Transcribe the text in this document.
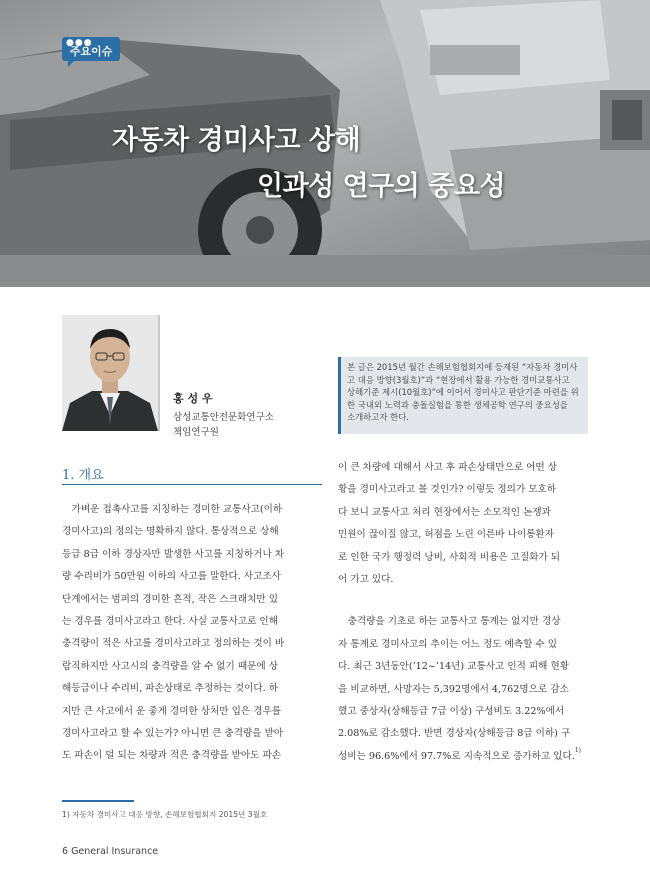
●●●
주요이슈
자동차 경미사고 상해
인과성 연구의 중요성
홍 성 우
삼성교통안전문화연구소
책임연구원
본 글은 2015년 월간 손해보험협회지에 등재된 “자동차 경미사
고 대응 방향(3월호)”과 “현장에서 활용 가능한 경미교통사고
상해기준 제시(10월호)”에 이어서 경미사고 판단기준 마련을 위
한 국내외 노력과 충돌실험을 통한 생체공학 연구의 중요성을
소개하고자 한다.
1. 개요
　가벼운 접촉사고를 지칭하는 경미한 교통사고(이하
경미사고)의 정의는 명확하지 않다. 통상적으로 상해
등급 8급 이하 경상자만 발생한 사고를 지칭하거나 차
량 수리비가 50만원 이하의 사고를 말한다. 사고조사
단계에서는 범퍼의 경미한 흔적, 작은 스크래치만 있
는 경우를 경미사고라고 한다. 사실 교통사고로 인해
충격량이 적은 사고를 경미사고라고 정의하는 것이 바
람직하지만 사고시의 충격량을 알 수 없기 때문에 상
해등급이나 수리비, 파손상태로 추정하는 것이다. 하
지만 큰 사고에서 운 좋게 경미한 상처만 입은 경우를
경미사고라고 할 수 있는가? 아니면 큰 충격량을 받아
도 파손이 덜 되는 차량과 적은 충격량을 받아도 파손
이 큰 차량에 대해서 사고 후 파손상태만으로 어떤 상
황을 경미사고라고 볼 것인가? 이렇듯 정의가 모호하
다 보니 교통사고 처리 현장에서는 소모적인 논쟁과
민원이 끊이질 않고, 허점을 노린 이른바 나이롱환자
로 인한 국가 행정력 낭비, 사회적 비용은 고질화가 되
어 가고 있다.
　충격량을 기초로 하는 교통사고 통계는 없지만 경상
자 통계로 경미사고의 추이는 어느 정도 예측할 수 있
다. 최근 3년동안(’12~’14년) 교통사고 인적 피해 현황
을 비교하면, 사망자는 5,392명에서 4,762명으로 감소
했고 중상자(상해등급 7급 이상) 구성비도 3.22%에서
2.08%로 감소했다. 반면 경상자(상해등급 8급 이하) 구
성비는 96.6%에서 97.7%로 지속적으로 증가하고 있다.$^{1)}$
1) 자동차 경미사고 대응 방향, 손해보험협회지 2015년 3월호
6 General Insurance
